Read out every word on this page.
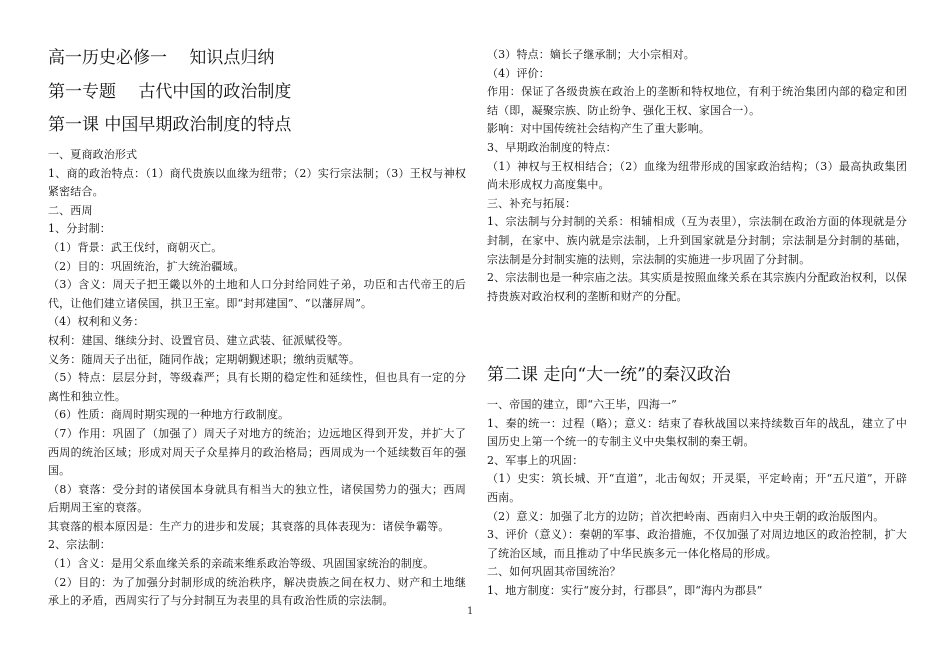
高一历史必修一 　知识点归纳
第一专题 　古代中国的政治制度
第一课 中国早期政治制度的特点

一、夏商政治形式

1、商的政治特点：（1）商代贵族以血缘为纽带；（2）实行宗法制；（3）王权与神权紧密结合。

二、西周

1、分封制：

（1）背景：武王伐纣，商朝灭亡。

（2）目的：巩固统治，扩大统治疆域。

（3）含义：周天子把王畿以外的土地和人口分封给同姓子弟，功臣和古代帝王的后代，让他们建立诸侯国，拱卫王室。即“封邦建国”、“以藩屏周”。

（4）权利和义务：

权利：建国、继续分封、设置官员、建立武装、征派赋役等。

义务：随周天子出征，随同作战；定期朝觐述职；缴纳贡赋等。

（5）特点：层层分封，等级森严；具有长期的稳定性和延续性，但也具有一定的分离性和独立性。

（6）性质：商周时期实现的一种地方行政制度。

（7）作用：巩固了（加强了）周天子对地方的统治；边远地区得到开发，并扩大了西周的统治区域；形成对周天子众星捧月的政治格局；西周成为一个延续数百年的强国。

（8）衰落：受分封的诸侯国本身就具有相当大的独立性，诸侯国势力的强大；西周后期周王室的衰落。

其衰落的根本原因是：生产力的进步和发展；其衰落的具体表现为：诸侯争霸等。

2、宗法制：

（1）含义：是用父系血缘关系的亲疏来维系政治等级、巩固国家统治的制度。

（2）目的：为了加强分封制形成的统治秩序，解决贵族之间在权力、财产和土地继承上的矛盾，西周实行了与分封制互为表里的具有政治性质的宗法制。

（3）特点：嫡长子继承制；大小宗相对。

（4）评价：

作用：保证了各级贵族在政治上的垄断和特权地位，有利于统治集团内部的稳定和团结（即，凝聚宗族、防止纷争、强化王权、家国合一）。

影响：对中国传统社会结构产生了重大影响。

3、早期政治制度的特点：

（1）神权与王权相结合；（2）血缘为纽带形成的国家政治结构；（3）最高执政集团尚未形成权力高度集中。

三、补充与拓展：

1、宗法制与分封制的关系：相辅相成（互为表里），宗法制在政治方面的体现就是分封制，在家中、族内就是宗法制，上升到国家就是分封制；宗法制是分封制的基础，宗法制是分封制实施的法则，宗法制的实施进一步巩固了分封制。

2、宗法制也是一种宗庙之法。其实质是按照血缘关系在其宗族内分配政治权利，以保持贵族对政治权利的垄断和财产的分配。

第二课 走向“大一统”的秦汉政治

一、帝国的建立，即“六王毕，四海一”

1、秦的统一：过程（略）；意义：结束了春秋战国以来持续数百年的战乱，建立了中国历史上第一个统一的专制主义中央集权制的秦王朝。

2、军事上的巩固：

（1）史实：筑长城、开“直道”，北击匈奴；开灵渠，平定岭南；开“五尺道”，开辟西南。

（2）意义：加强了北方的边防；首次把岭南、西南归入中央王朝的政治版图内。

3、评价（意义）：秦朝的军事、政治措施，不仅加强了对周边地区的政治控制，扩大了统治区域，而且推动了中华民族多元一体化格局的形成。

二、如何巩固其帝国统治？

1、地方制度：实行“废分封，行郡县”，即“海内为郡县”

1
